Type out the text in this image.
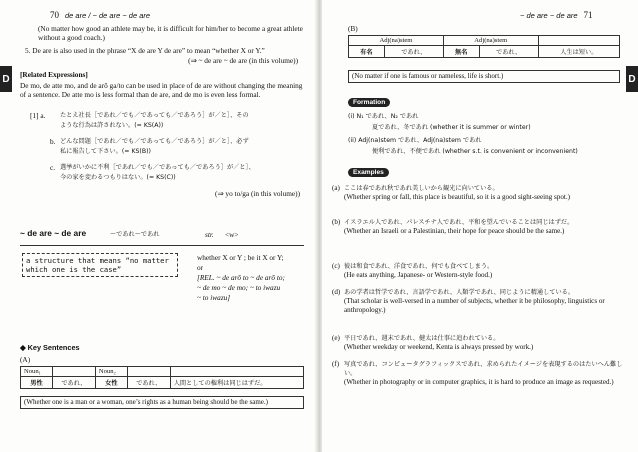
70 de are / ~ de are ~ de are
D
(No matter how good an athlete may be, it is difficult for him/her to become a great athlete without a good coach.)
5. De are is also used in the phrase “X de are Y de are” to mean “whether X or Y.”
(⇒ ~ de are ~ de are (in this volume))
[Related Expressions]
De mo, de atte mo, and de arō ga/to can be used in place of de are without changing the meaning of a sentence. De atte mo is less formal than de are, and de mo is even less formal.
[1] a. たとえ社長［であれ／でも／であっても／であろう］が／と］、その
ような行為は許されない。(= KS(A))
b. どんな問題［であれ／でも／であっても／であろう］が／と］、必ず
私に報告して下さい。(= KS(B))
c. 選挙がいかに不利［であれ／でも／であっても／であろう］が／と］、
今の家を変わるつもりはない。(= KS(C))
(⇒ yo to/ga (in this volume))
~ de are ~ de are	～であれ～であれ	str. <w>
a structure that means “no matter which one is the case”
whether X or Y ; be it X or Y;
or
[REL. ~ de arō to ~ de arō to;
~ de mo ~ de mo; ~ to iwazu
~ to iwazu]
◆ Key Sentences
(A)
Noun₁		Noun₂		
男性	であれ、	女性	であれ、	人間としての権利は同じはずだ。
(Whether one is a man or a woman, one’s rights as a human being should be the same.)
~ de are ~ de are 71
D
(B)
Adj(na)stem		Adj(na)stem		
有名	であれ、	無名	であれ、	人生は短い。
(No matter if one is famous or nameless, life is short.)
Formation
(i) N₁ であれ、N₂ であれ
夏であれ、冬であれ (whether it is summer or winter)
(ii) Adj(na)stem であれ、Adj(na)stem であれ
便利であれ、不便であれ (whether s.t. is convenient or inconvenient)
Examples
(a) ここは春であれ秋であれ美しいから観光に向いている。
(Whether spring or fall, this place is beautiful, so it is a good sight-seeing spot.)
(b) イスラエル人であれ、パレスチナ人であれ、平和を望んでいることは同じはずだ。
(Whether an Israeli or a Palestinian, their hope for peace should be the same.)
(c) 彼は和食であれ、洋食であれ、何でも食べてしまう。
(He eats anything, Japanese- or Western-style food.)
(d) あの学者は哲学であれ、言語学であれ、人類学であれ、同じように精通している。
(That scholar is well-versed in a number of subjects, whether it be philosophy, linguistics or anthropology.)
(e) 平日であれ、週末であれ、健太は仕事に追われている。
(Whether weekday or weekend, Kenta is always pressed by work.)
(f) 写真であれ、コンピュータグラフィックスであれ、求められたイメージを表現するのはたいへん難しい。
(Whether in photography or in computer graphics, it is hard to produce an image as requested.)
